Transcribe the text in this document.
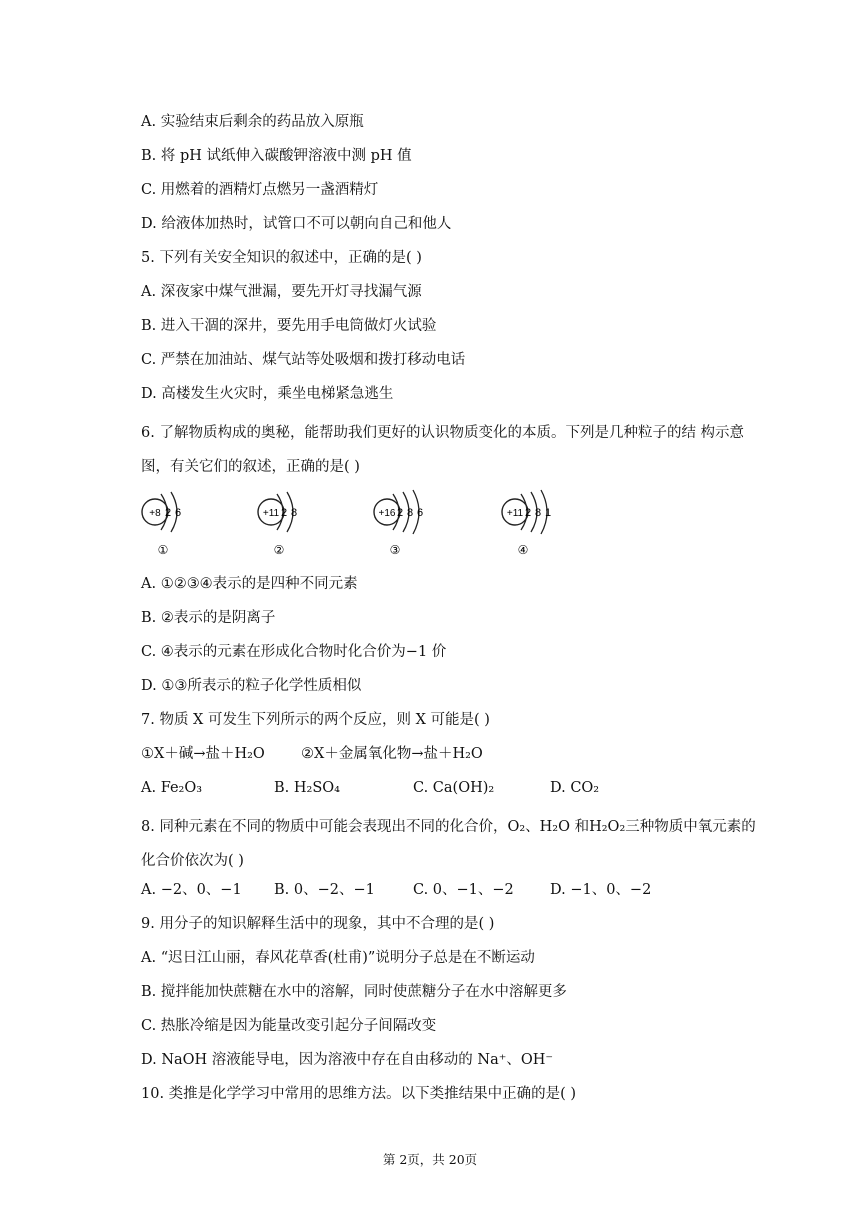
A. 实验结束后剩余的药品放入原瓶
B. 将 pH 试纸伸入碳酸钾溶液中测 pH 值
C. 用燃着的酒精灯点燃另一盏酒精灯
D. 给液体加热时，试管口不可以朝向自己和他人
5. 下列有关安全知识的叙述中，正确的是( )
A. 深夜家中煤气泄漏，要先开灯寻找漏气源
B. 进入干涸的深井，要先用手电筒做灯火试验
C. 严禁在加油站、煤气站等处吸烟和拨打移动电话
D. 高楼发生火灾时，乘坐电梯紧急逃生
6. 了解物质构成的奥秘，能帮助我们更好的认识物质变化的本质。下列是几种粒子的结 构示意图，有关它们的叙述，正确的是( )
+8 2 6
①
+11 2 8
②
+16 2 8 6
③
+11 2 8 1
④
A. ①②③④表示的是四种不同元素
B. ②表示的是阴离子
C. ④表示的元素在形成化合物时化合价为−1 价
D. ①③所表示的粒子化学性质相似
7. 物质 X 可发生下列所示的两个反应，则 X 可能是( )
①X＋碱→盐＋H₂O ②X＋金属氧化物→盐＋H₂O
A. Fe₂O₃	B. H₂SO₄	C. Ca(OH)₂	D. CO₂
8. 同种元素在不同的物质中可能会表现出不同的化合价，O₂、H₂O 和H₂O₂三种物质中氧元素的化合价依次为( )
A. −2、0、−1 B. 0、−2、−1	C. 0、−1、−2 D. −1、0、−2
9. 用分子的知识解释生活中的现象，其中不合理的是( )
A. “迟日江山丽，春风花草香(杜甫)”说明分子总是在不断运动
B. 搅拌能加快蔗糖在水中的溶解，同时使蔗糖分子在水中溶解更多
C. 热胀冷缩是因为能量改变引起分子间隔改变
D. NaOH 溶液能导电，因为溶液中存在自由移动的 Na⁺、OH⁻
10. 类推是化学学习中常用的思维方法。以下类推结果中正确的是( )
第 2页，共 20页
